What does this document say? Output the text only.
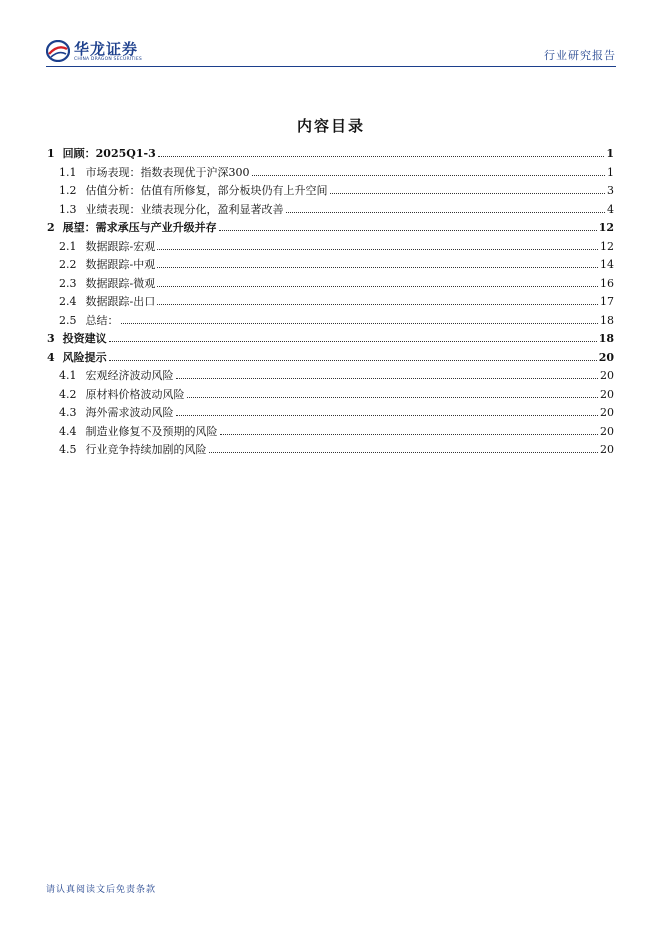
华龙证券
CHINA DRAGON SECURITIES	行业研究报告
内容目录
1 回顾：2025Q1-3	1
1.1 市场表现：指数表现优于沪深300	1
1.2 估值分析：估值有所修复，部分板块仍有上升空间	3
1.3 业绩表现：业绩表现分化，盈利显著改善	4
2 展望：需求承压与产业升级并存	12
2.1 数据跟踪-宏观	12
2.2 数据跟踪-中观	14
2.3 数据跟踪-微观	16
2.4 数据跟踪-出口	17
2.5 总结：	18
3 投资建议	18
4 风险提示	20
4.1 宏观经济波动风险	20
4.2 原材料价格波动风险	20
4.3 海外需求波动风险	20
4.4 制造业修复不及预期的风险	20
4.5 行业竞争持续加剧的风险	20
请认真阅读文后免责条款
